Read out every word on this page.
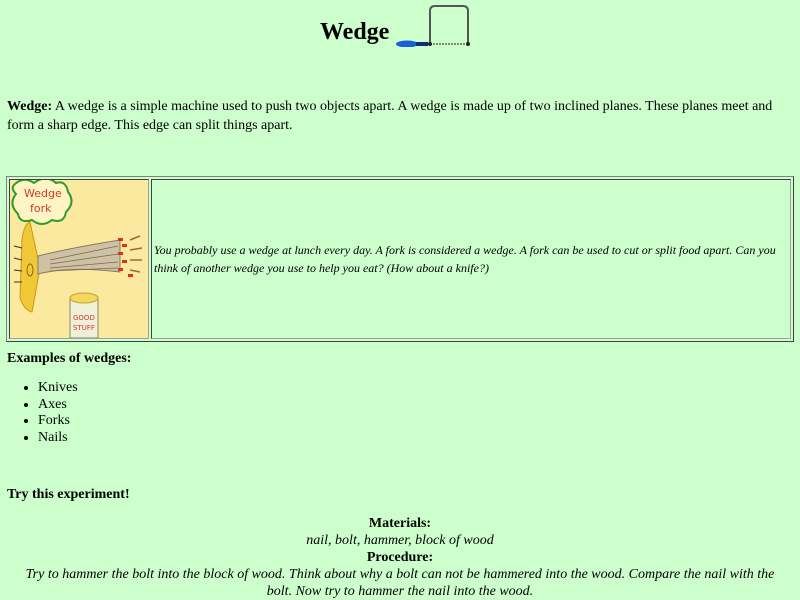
Wedge
Wedge: A wedge is a simple machine used to push two objects apart. A wedge is made up of two inclined planes. These planes meet and form a sharp edge. This edge can split things apart.
Wedge
fork
GOOD
STUFF

You probably use a wedge at lunch every day. A fork is considered a wedge. A fork can be used to cut or split food apart. Can you think of another wedge you use to help you eat? (How about a knife?)

Examples of wedges:
• Knives
• Axes
• Forks
• Nails
Try this experiment!
Materials:
nail, bolt, hammer, block of wood
Procedure:
Try to hammer the bolt into the block of wood. Think about why a bolt can not be hammered into the wood. Compare the nail with the bolt. Now try to hammer the nail into the wood.
